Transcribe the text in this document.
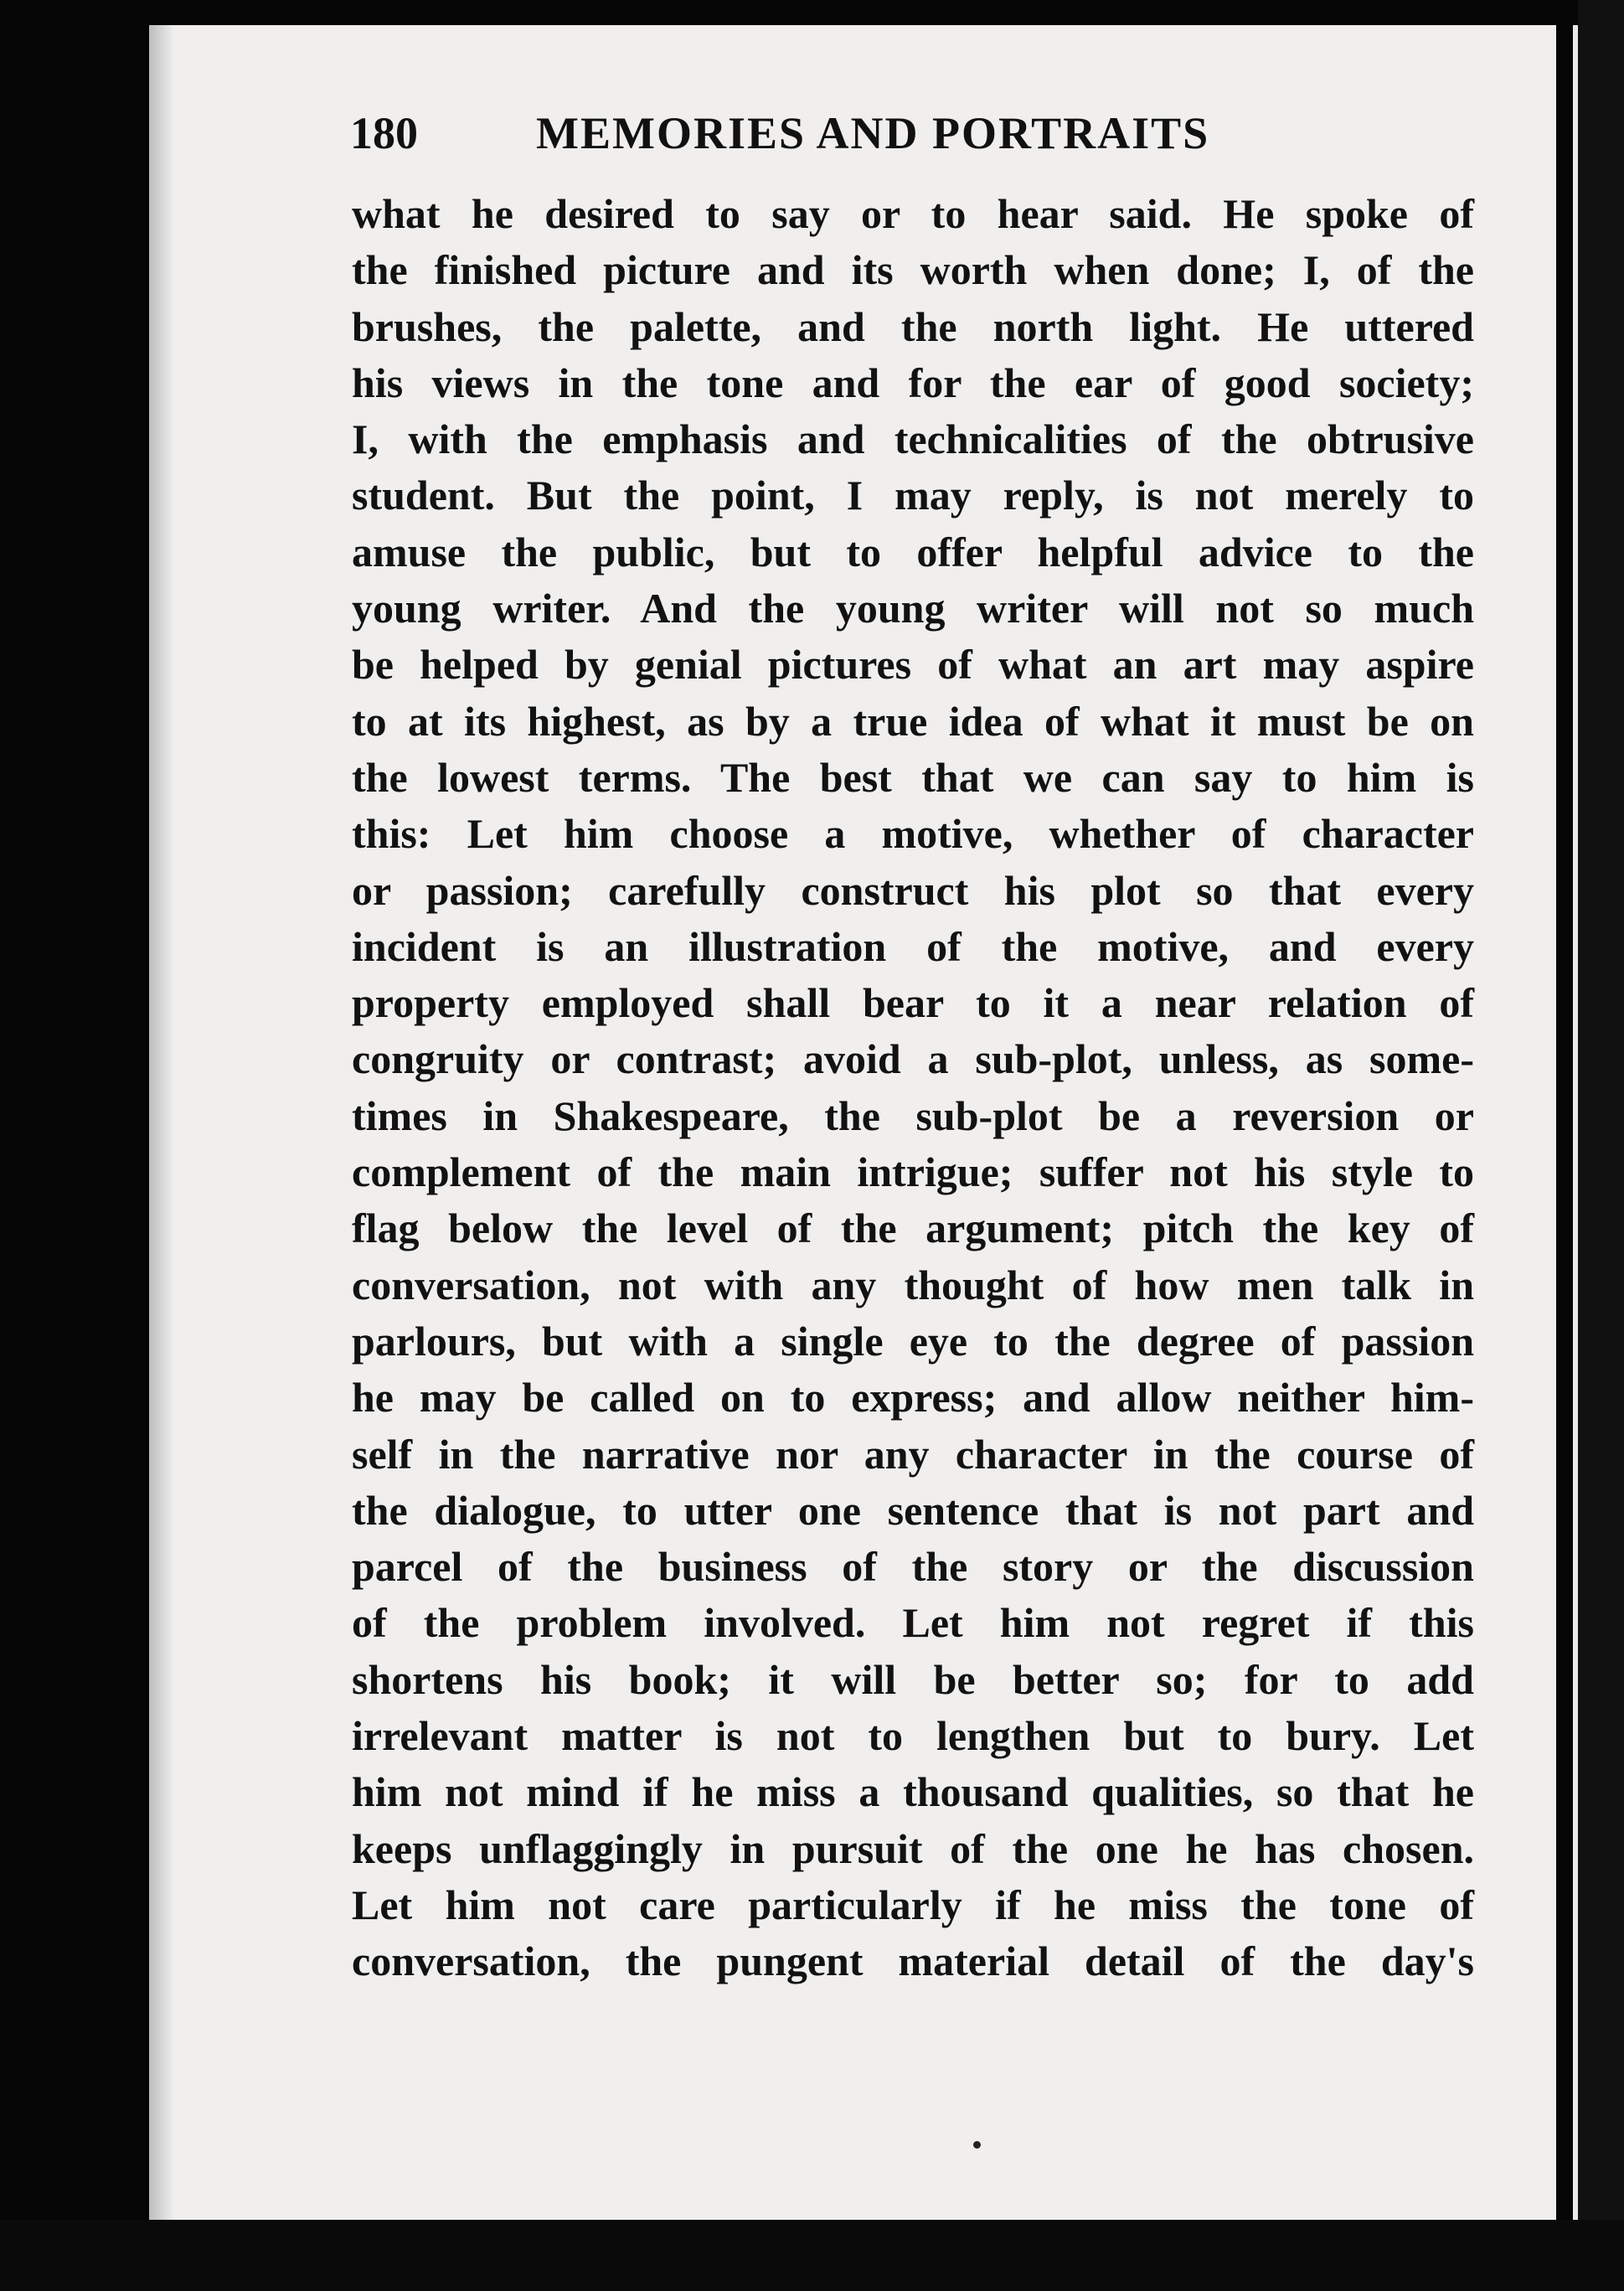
180	MEMORIES AND PORTRAITS
what he desired to say or to hear said. He spoke of
the finished picture and its worth when done; I, of the
brushes, the palette, and the north light. He uttered
his views in the tone and for the ear of good society;
I, with the emphasis and technicalities of the obtrusive
student. But the point, I may reply, is not merely to
amuse the public, but to offer helpful advice to the
young writer. And the young writer will not so much
be helped by genial pictures of what an art may aspire
to at its highest, as by a true idea of what it must be on
the lowest terms. The best that we can say to him is
this: Let him choose a motive, whether of character
or passion; carefully construct his plot so that every
incident is an illustration of the motive, and every
property employed shall bear to it a near relation of
congruity or contrast; avoid a sub-plot, unless, as some-
times in Shakespeare, the sub-plot be a reversion or
complement of the main intrigue; suffer not his style to
flag below the level of the argument; pitch the key of
conversation, not with any thought of how men talk in
parlours, but with a single eye to the degree of passion
he may be called on to express; and allow neither him-
self in the narrative nor any character in the course of
the dialogue, to utter one sentence that is not part and
parcel of the business of the story or the discussion
of the problem involved. Let him not regret if this
shortens his book; it will be better so; for to add
irrelevant matter is not to lengthen but to bury. Let
him not mind if he miss a thousand qualities, so that he
keeps unflaggingly in pursuit of the one he has chosen.
Let him not care particularly if he miss the tone of
conversation, the pungent material detail of the day's
